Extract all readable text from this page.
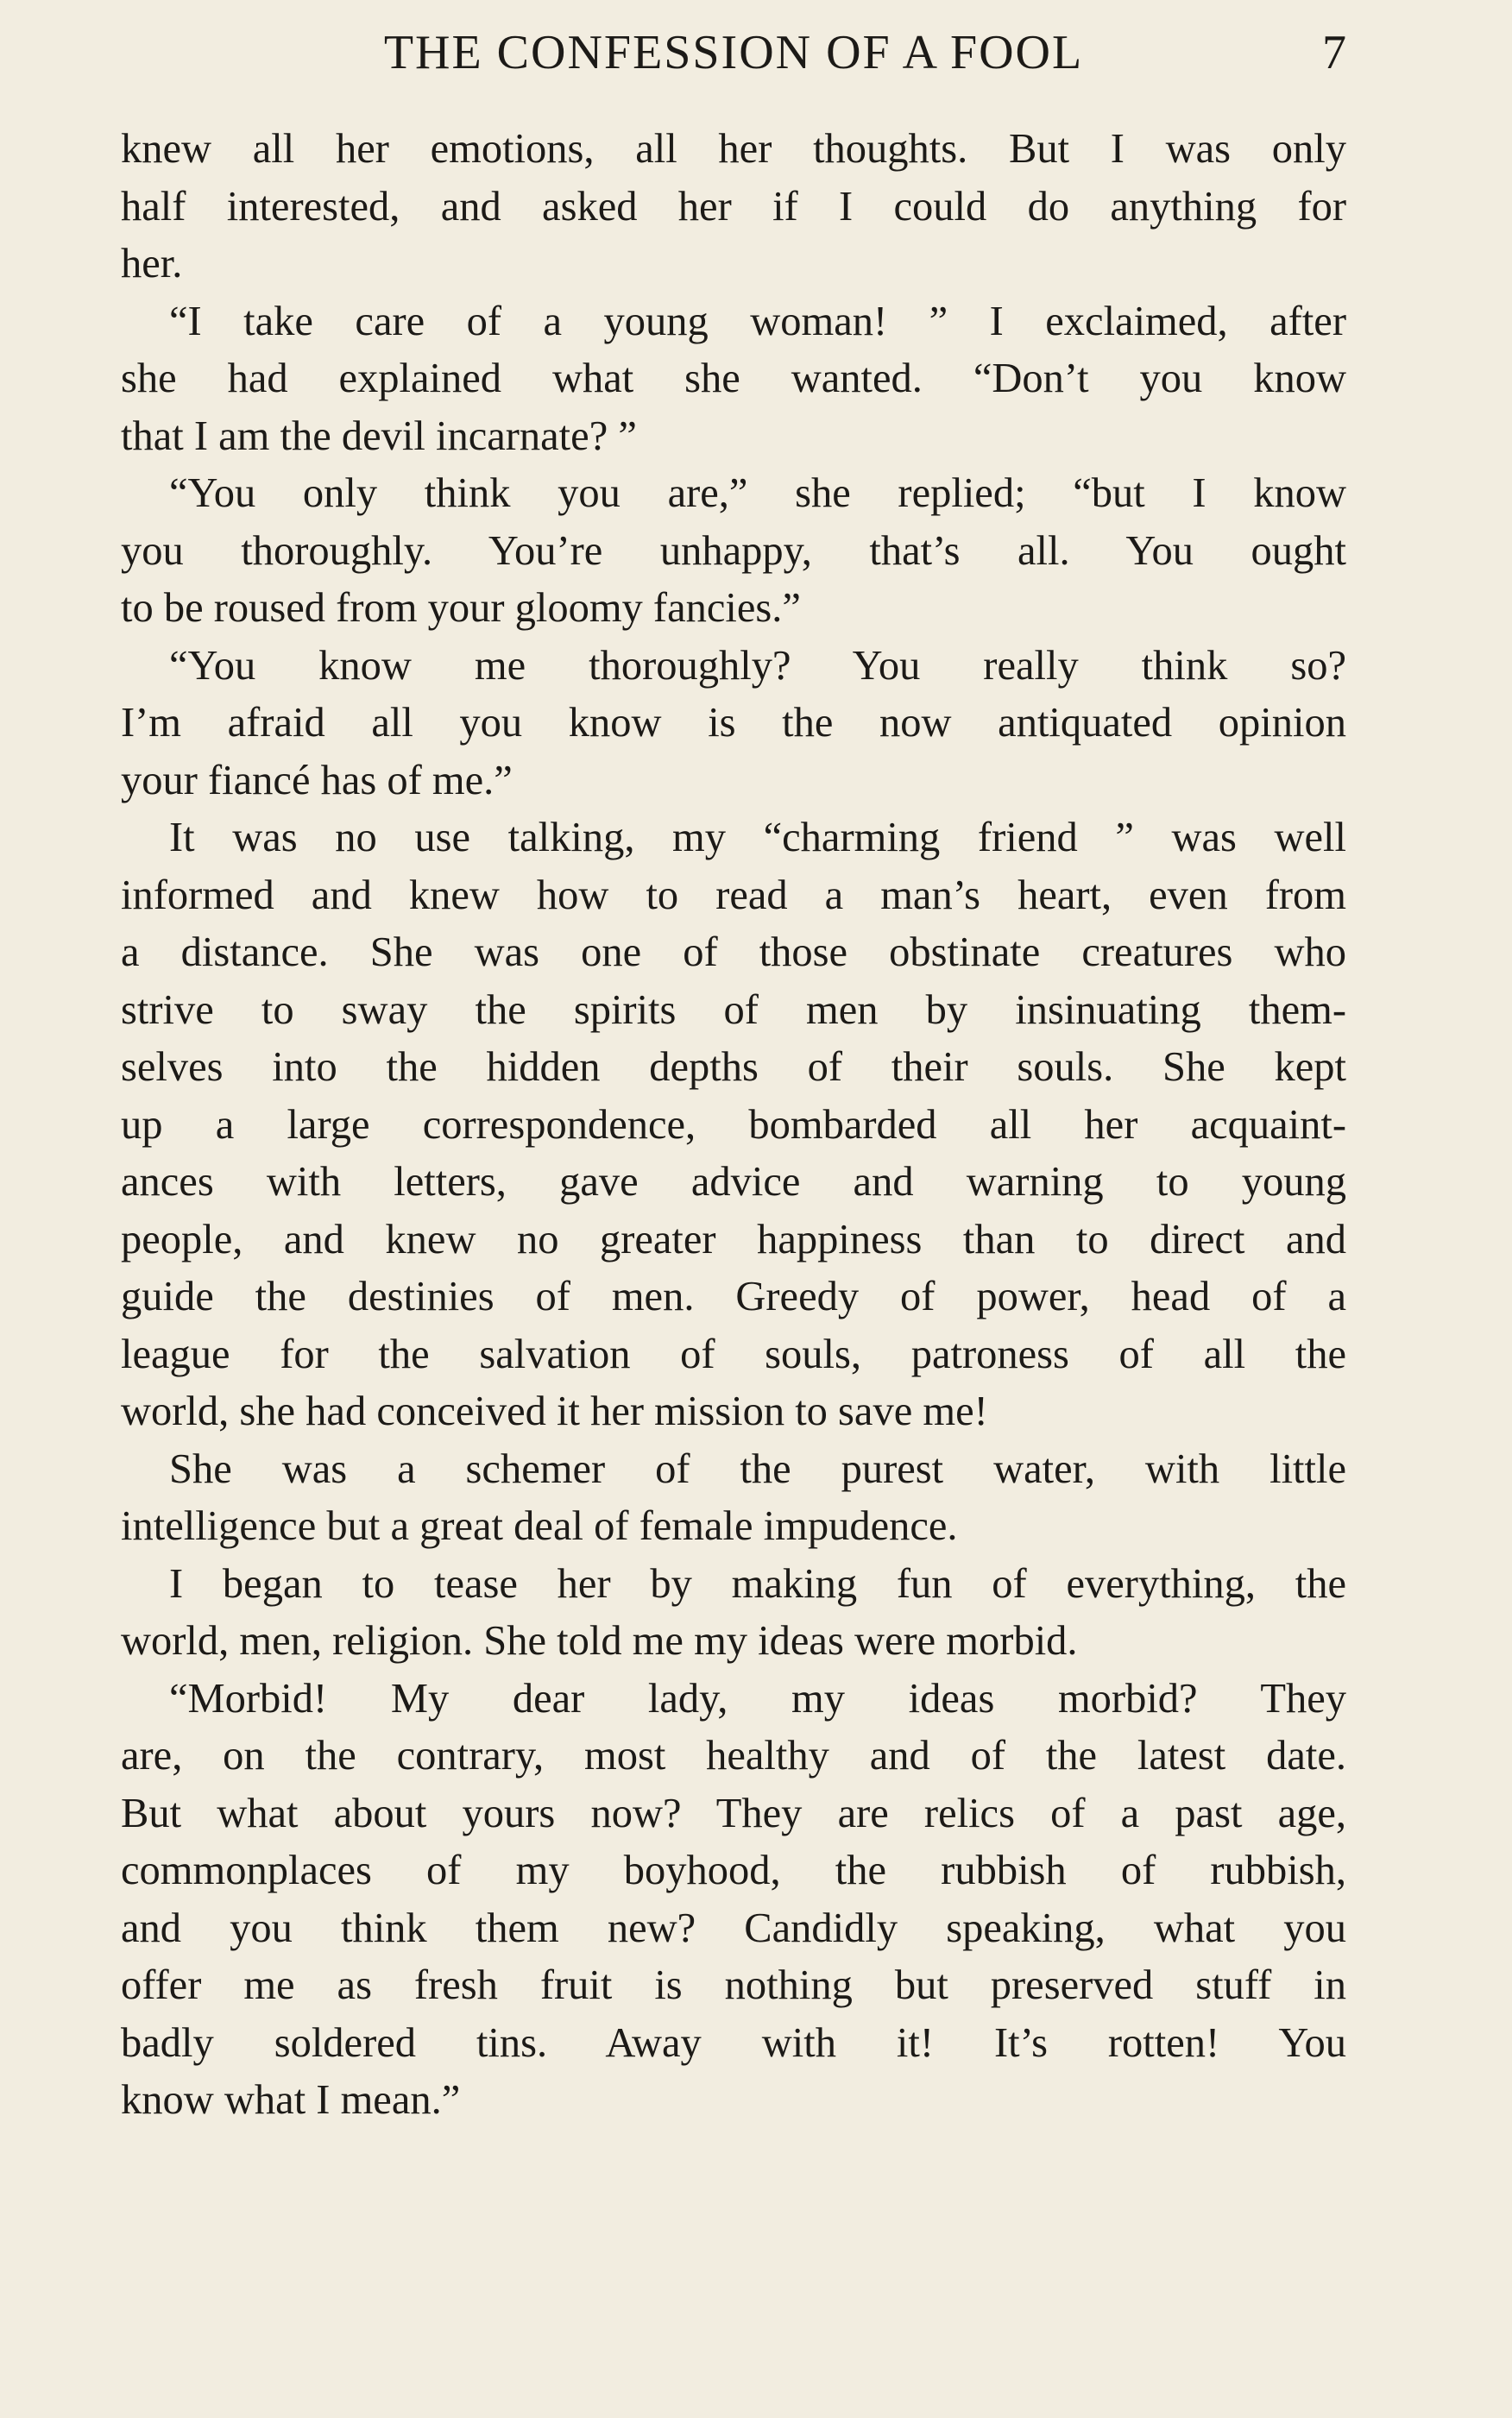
THE CONFESSION OF A FOOL	7
knew all her emotions, all her thoughts. But I was only
half interested, and asked her if I could do anything for
her.
“I take care of a young woman! ” I exclaimed, after
she had explained what she wanted. “Don’t you know
that I am the devil incarnate? ”
“You only think you are,” she replied; “but I know
you thoroughly. You’re unhappy, that’s all. You ought
to be roused from your gloomy fancies.”
“You know me thoroughly? You really think so?
I’m afraid all you know is the now antiquated opinion
your fiancé has of me.”
It was no use talking, my “charming friend ” was well
informed and knew how to read a man’s heart, even from
a distance. She was one of those obstinate creatures who
strive to sway the spirits of men by insinuating them-
selves into the hidden depths of their souls. She kept
up a large correspondence, bombarded all her acquaint-
ances with letters, gave advice and warning to young
people, and knew no greater happiness than to direct and
guide the destinies of men. Greedy of power, head of a
league for the salvation of souls, patroness of all the
world, she had conceived it her mission to save me!
She was a schemer of the purest water, with little
intelligence but a great deal of female impudence.
I began to tease her by making fun of everything, the
world, men, religion. She told me my ideas were morbid.
“Morbid! My dear lady, my ideas morbid? They
are, on the contrary, most healthy and of the latest date.
But what about yours now? They are relics of a past age,
commonplaces of my boyhood, the rubbish of rubbish,
and you think them new? Candidly speaking, what you
offer me as fresh fruit is nothing but preserved stuff in
badly soldered tins. Away with it! It’s rotten! You
know what I mean.”
